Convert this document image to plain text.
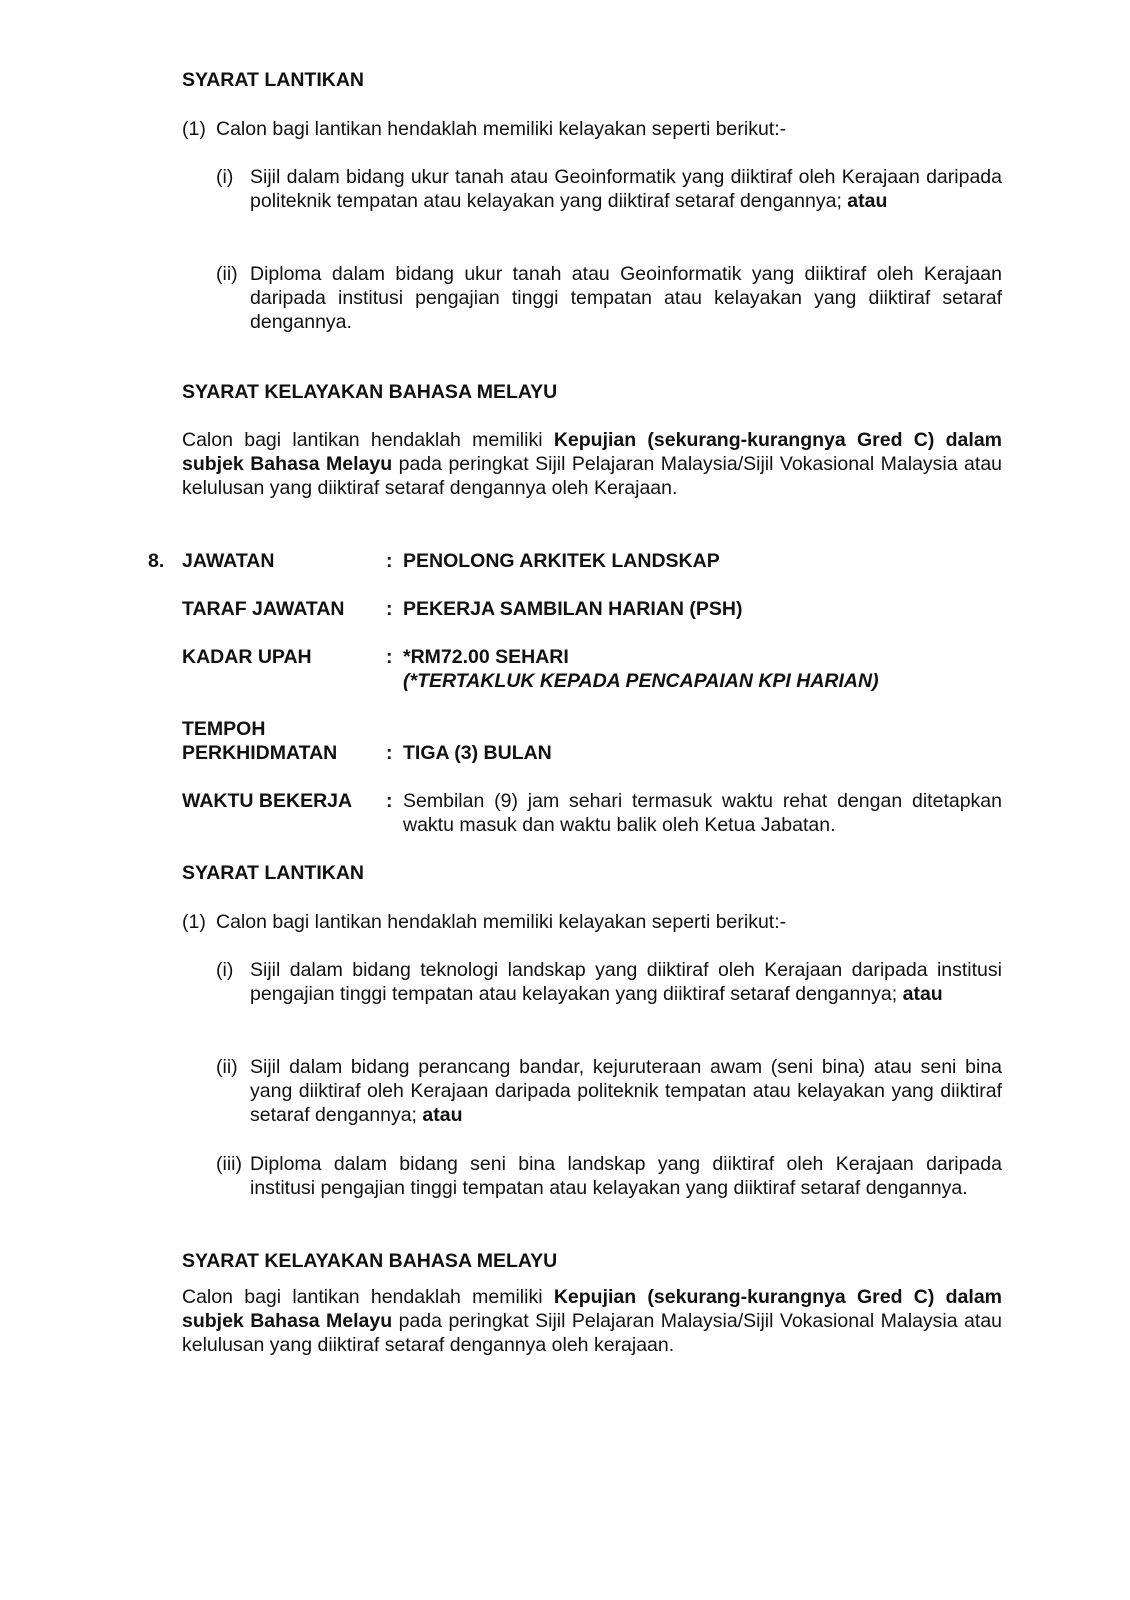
SYARAT LANTIKAN
(1) Calon bagi lantikan hendaklah memiliki kelayakan seperti berikut:-
(i) Sijil dalam bidang ukur tanah atau Geoinformatik yang diiktiraf oleh Kerajaan daripada politeknik tempatan atau kelayakan yang diiktiraf setaraf dengannya; atau
(ii) Diploma dalam bidang ukur tanah atau Geoinformatik yang diiktiraf oleh Kerajaan daripada institusi pengajian tinggi tempatan atau kelayakan yang diiktiraf setaraf dengannya.
SYARAT KELAYAKAN BAHASA MELAYU
Calon bagi lantikan hendaklah memiliki Kepujian (sekurang-kurangnya Gred C) dalam subjek Bahasa Melayu pada peringkat Sijil Pelajaran Malaysia/Sijil Vokasional Malaysia atau kelulusan yang diiktiraf setaraf dengannya oleh Kerajaan.
8. JAWATAN	: PENOLONG ARKITEK LANDSKAP
TARAF JAWATAN : PEKERJA SAMBILAN HARIAN (PSH)
KADAR UPAH	: *RM72.00 SEHARI
(*TERTAKLUK KEPADA PENCAPAIAN KPI HARIAN)
TEMPOH
PERKHIDMATAN : TIGA (3) BULAN
WAKTU BEKERJA : Sembilan (9) jam sehari termasuk waktu rehat dengan ditetapkan waktu masuk dan waktu balik oleh Ketua Jabatan.
SYARAT LANTIKAN
(1) Calon bagi lantikan hendaklah memiliki kelayakan seperti berikut:-
(i) Sijil dalam bidang teknologi landskap yang diiktiraf oleh Kerajaan daripada institusi pengajian tinggi tempatan atau kelayakan yang diiktiraf setaraf dengannya; atau
(ii) Sijil dalam bidang perancang bandar, kejuruteraan awam (seni bina) atau seni bina yang diiktiraf oleh Kerajaan daripada politeknik tempatan atau kelayakan yang diiktiraf setaraf dengannya; atau
(iii) Diploma dalam bidang seni bina landskap yang diiktiraf oleh Kerajaan daripada institusi pengajian tinggi tempatan atau kelayakan yang diiktiraf setaraf dengannya.
SYARAT KELAYAKAN BAHASA MELAYU
Calon bagi lantikan hendaklah memiliki Kepujian (sekurang-kurangnya Gred C) dalam subjek Bahasa Melayu pada peringkat Sijil Pelajaran Malaysia/Sijil Vokasional Malaysia atau kelulusan yang diiktiraf setaraf dengannya oleh kerajaan.
